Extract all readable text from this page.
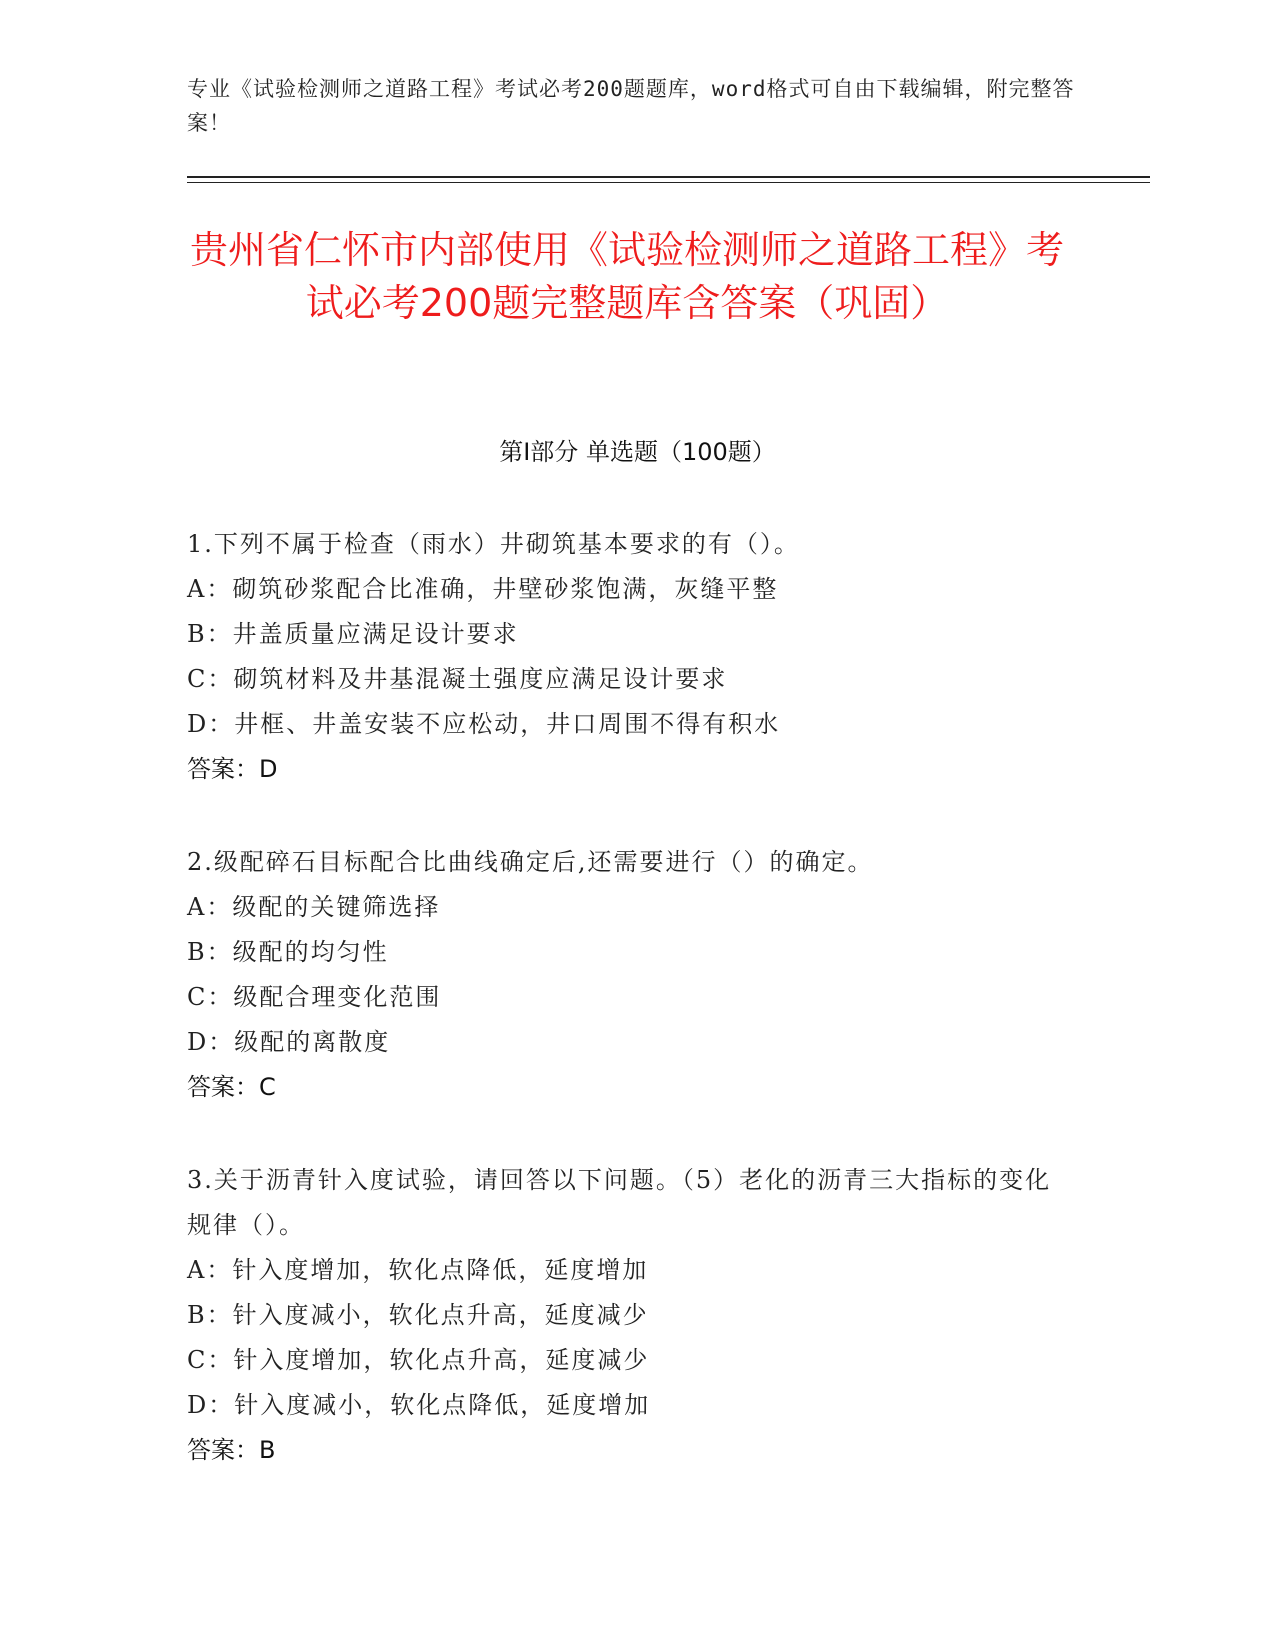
专业《试验检测师之道路工程》考试必考200题题库，word格式可自由下载编辑，附完整答案！
贵州省仁怀市内部使用《试验检测师之道路工程》考试必考200题完整题库含答案（巩固）
第Ⅰ部分 单选题（100题）
1.下列不属于检查（雨水）井砌筑基本要求的有（）。
A：砌筑砂浆配合比准确，井壁砂浆饱满，灰缝平整
B：井盖质量应满足设计要求
C：砌筑材料及井基混凝土强度应满足设计要求
D：井框、井盖安装不应松动，井口周围不得有积水
答案：D
2.级配碎石目标配合比曲线确定后,还需要进行（）的确定。
A：级配的关键筛选择
B：级配的均匀性
C：级配合理变化范围
D：级配的离散度
答案：C
3.关于沥青针入度试验，请回答以下问题。（5）老化的沥青三大指标的变化规律（）。
A：针入度增加，软化点降低，延度增加
B：针入度减小，软化点升高，延度减少
C：针入度增加，软化点升高，延度减少
D：针入度减小，软化点降低，延度增加
答案：B
